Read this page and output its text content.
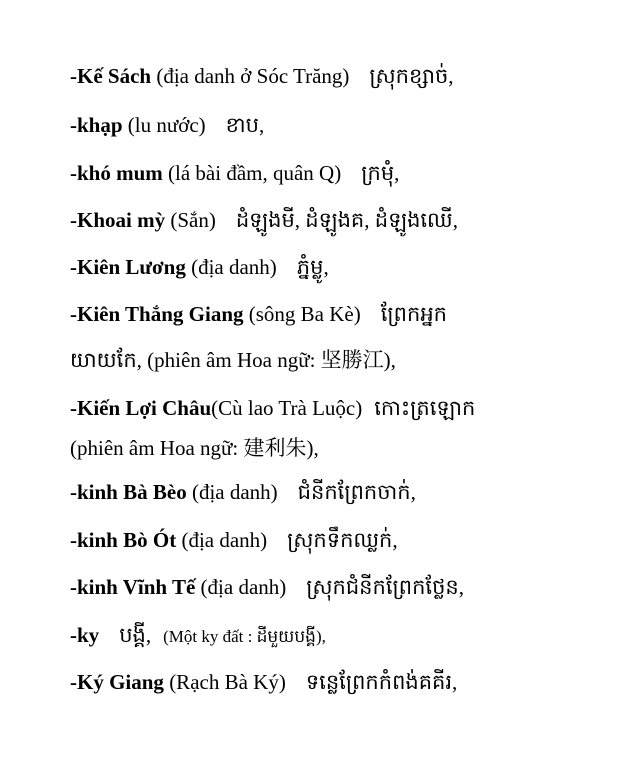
-Kế Sách (địa danh ở Sóc Trăng) ស្រុកខ្សាច់,
-khạp (lu nước) ខាប,
-khó mum (lá bài đầm, quân Q) ក្រមុំ,
-Khoai mỳ (Sắn) ដំឡូងមី, ដំឡូងគ, ដំឡូងឈើ,
-Kiên Lương (địa danh) ភ្នំម្លូ,
-Kiên Thắng Giang (sông Ba Kè) ព្រែកអ្នក
យាយកែ, (phiên âm Hoa ngữ: 坚勝江),
-Kiến Lợi Châu(Cù lao Trà Luộc) កោះត្រឡោក
(phiên âm Hoa ngữ: 建利朱),
-kinh Bà Bèo (địa danh) ជំនីកព្រែកចាក់,
-kinh Bò Ót (địa danh) ស្រុកទឹកឈ្លក់,
-kinh Vĩnh Tế (địa danh) ស្រុកជំនីកព្រែកថ្លែន,
-ky បង្គី, (Một ky đất : ដីមួយបង្គី),
-Ký Giang (Rạch Bà Ký) ទន្លេព្រែកកំពង់គគីរ,
